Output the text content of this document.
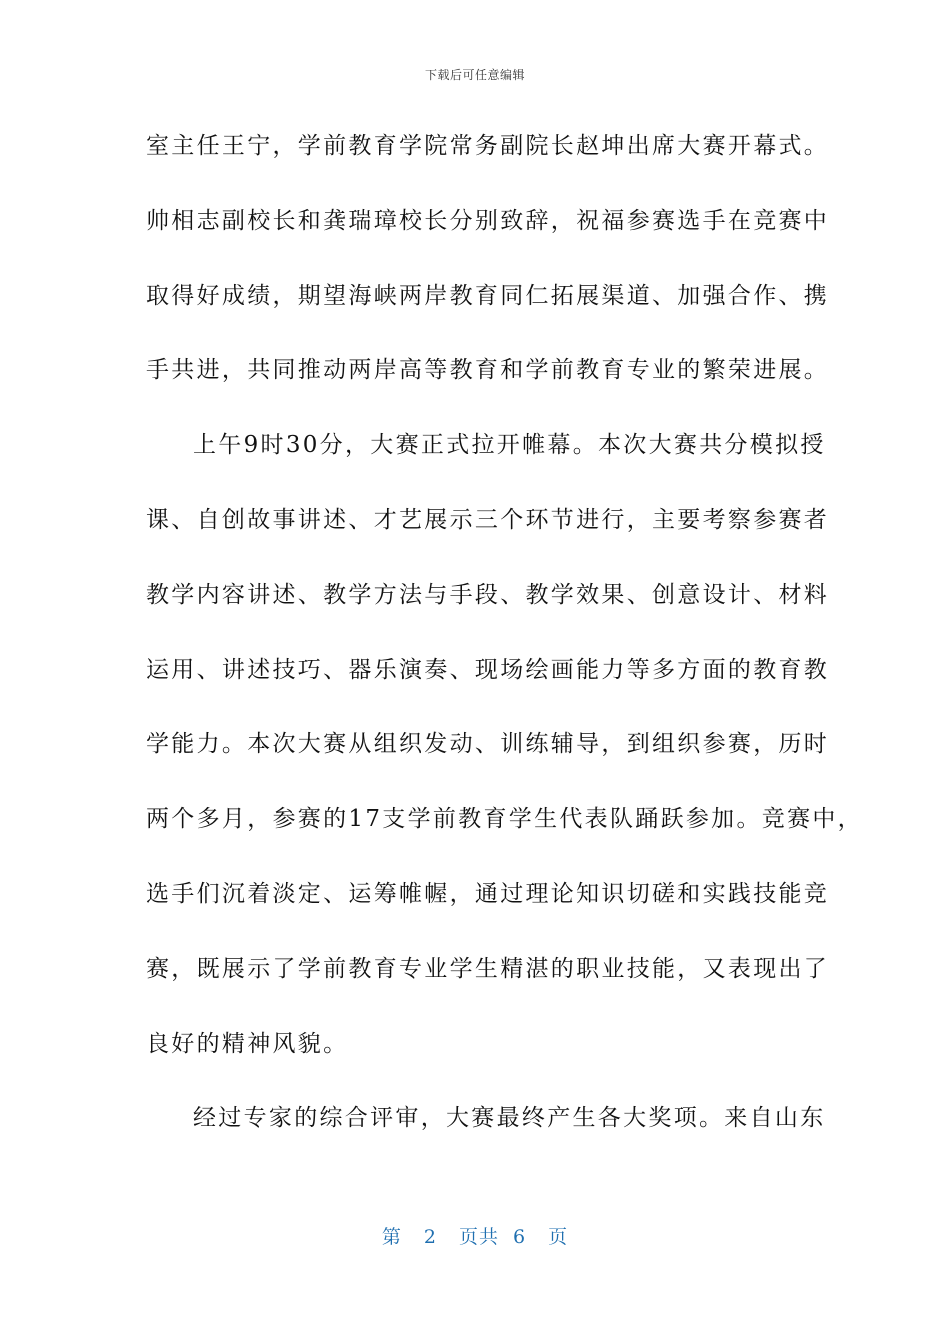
下载后可任意编辑
室主任王宁，学前教育学院常务副院长赵坤出席大赛开幕式。
帅相志副校长和龚瑞璋校长分别致辞，祝福参赛选手在竞赛中
取得好成绩，期望海峡两岸教育同仁拓展渠道、加强合作、携
手共进，共同推动两岸高等教育和学前教育专业的繁荣进展。
上午9时30分，大赛正式拉开帷幕。本次大赛共分模拟授
课、自创故事讲述、才艺展示三个环节进行，主要考察参赛者
教学内容讲述、教学方法与手段、教学效果、创意设计、材料
运用、讲述技巧、器乐演奏、现场绘画能力等多方面的教育教
学能力。本次大赛从组织发动、训练辅导，到组织参赛，历时
两个多月，参赛的17支学前教育学生代表队踊跃参加。竞赛中，
选手们沉着淡定、运筹帷幄，通过理论知识切磋和实践技能竞
赛，既展示了学前教育专业学生精湛的职业技能，又表现出了
良好的精神风貌。
经过专家的综合评审，大赛最终产生各大奖项。来自山东
第 2 页共 6 页
